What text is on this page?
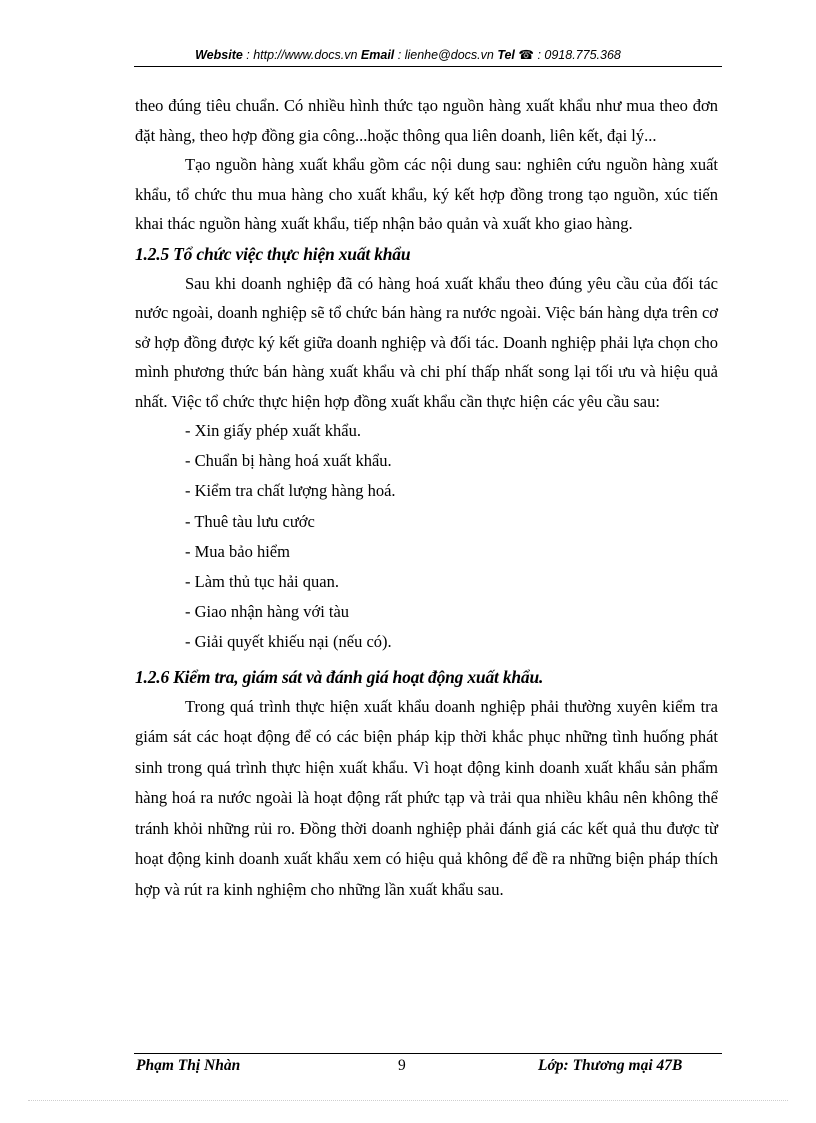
Website : http://www.docs.vn Email : lienhe@docs.vn Tel ☎ : 0918.775.368

theo đúng tiêu chuẩn. Có nhiều hình thức tạo nguồn hàng xuất khẩu như mua theo đơn đặt hàng, theo hợp đồng gia công...hoặc thông qua liên doanh, liên kết, đại lý...

Tạo nguồn hàng xuất khẩu gồm các nội dung sau: nghiên cứu nguồn hàng xuất khẩu, tổ chức thu mua hàng cho xuất khẩu, ký kết hợp đồng trong tạo nguồn, xúc tiến khai thác nguồn hàng xuất khẩu, tiếp nhận bảo quản và xuất kho giao hàng.

1.2.5 Tổ chức việc thực hiện xuất khẩu

Sau khi doanh nghiệp đã có hàng hoá xuất khẩu theo đúng yêu cầu của đối tác nước ngoài, doanh nghiệp sẽ tổ chức bán hàng ra nước ngoài. Việc bán hàng dựa trên cơ sở hợp đồng được ký kết giữa doanh nghiệp và đối tác. Doanh nghiệp phải lựa chọn cho mình phương thức bán hàng xuất khẩu và chi phí thấp nhất song lại tối ưu và hiệu quả nhất. Việc tổ chức thực hiện hợp đồng xuất khẩu cần thực hiện các yêu cầu sau:

- Xin giấy phép xuất khẩu.

- Chuẩn bị hàng hoá xuất khẩu.

- Kiểm tra chất lượng hàng hoá.

- Thuê tàu lưu cước

- Mua bảo hiểm

- Làm thủ tục hải quan.

- Giao nhận hàng với tàu

- Giải quyết khiếu nại (nếu có).

1.2.6 Kiểm tra, giám sát và đánh giá hoạt động xuất khẩu.

Trong quá trình thực hiện xuất khẩu doanh nghiệp phải thường xuyên kiểm tra giám sát các hoạt động để có các biện pháp kịp thời khắc phục những tình huống phát sinh trong quá trình thực hiện xuất khẩu. Vì hoạt động kinh doanh xuất khẩu sản phẩm hàng hoá ra nước ngoài là hoạt động rất phức tạp và trải qua nhiều khâu nên không thể tránh khỏi những rủi ro. Đồng thời doanh nghiệp phải đánh giá các kết quả thu được từ hoạt động kinh doanh xuất khẩu xem có hiệu quả không để đề ra những biện pháp thích hợp và rút ra kinh nghiệm cho những lần xuất khẩu sau.

Phạm Thị Nhàn	9	Lớp: Thương mại 47B
